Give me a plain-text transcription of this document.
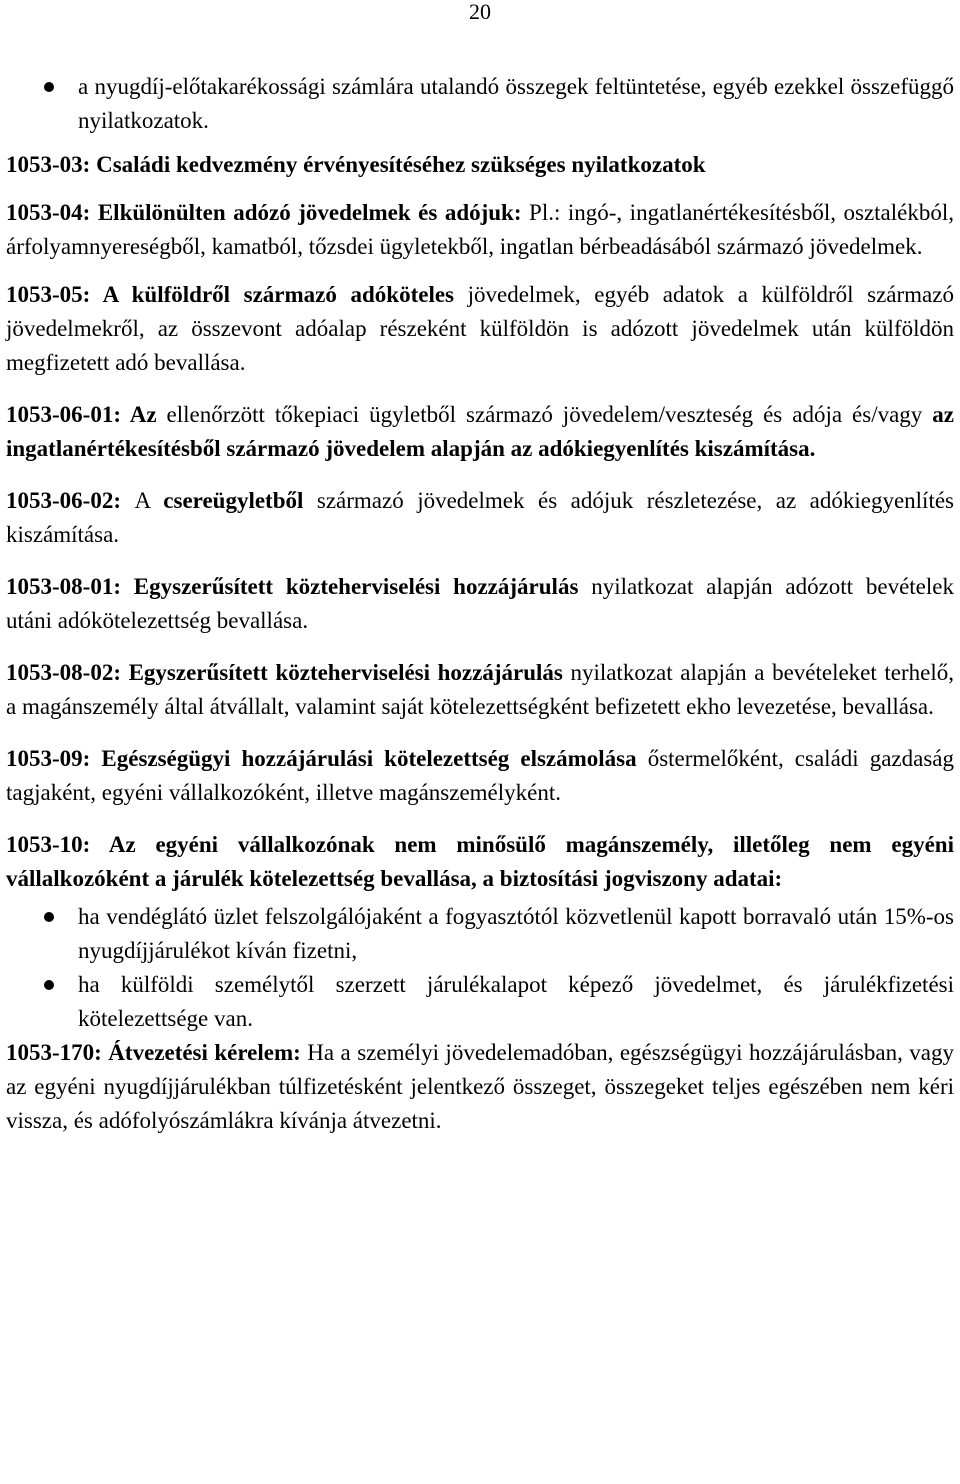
20
a nyugdíj-előtakarékossági számlára utalandó összegek feltüntetése, egyéb ezekkel összefüggő nyilatkozatok.

1053-03: Családi kedvezmény érvényesítéséhez szükséges nyilatkozatok

1053-04: Elkülönülten adózó jövedelmek és adójuk: Pl.: ingó-, ingatlanértékesítésből, osztalékból, árfolyamnyereségből, kamatból, tőzsdei ügyletekből, ingatlan bérbeadásából származó jövedelmek.

1053-05: A külföldről származó adóköteles jövedelmek, egyéb adatok a külföldről származó jövedelmekről, az összevont adóalap részeként külföldön is adózott jövedelmek után külföldön megfizetett adó bevallása.

1053-06-01: Az ellenőrzött tőkepiaci ügyletből származó jövedelem/veszteség és adója és/vagy az ingatlanértékesítésből származó jövedelem alapján az adókiegyenlítés kiszámítása.

1053-06-02: A csereügyletből származó jövedelmek és adójuk részletezése, az adókiegyenlítés kiszámítása.

1053-08-01: Egyszerűsített közteherviselési hozzájárulás nyilatkozat alapján adózott bevételek utáni adókötelezettség bevallása.

1053-08-02: Egyszerűsített közteherviselési hozzájárulás nyilatkozat alapján a bevételeket terhelő, a magánszemély által átvállalt, valamint saját kötelezettségként befizetett ekho levezetése, bevallása.

1053-09: Egészségügyi hozzájárulási kötelezettség elszámolása őstermelőként, családi gazdaság tagjaként, egyéni vállalkozóként, illetve magánszemélyként.

1053-10: Az egyéni vállalkozónak nem minősülő magánszemély, illetőleg nem egyéni vállalkozóként a járulék kötelezettség bevallása, a biztosítási jogviszony adatai:

ha vendéglátó üzlet felszolgálójaként a fogyasztótól közvetlenül kapott borravaló után 15%-os nyugdíjjárulékot kíván fizetni,
ha külföldi személytől szerzett járulékalapot képező jövedelmet, és járulékfizetési kötelezettsége van.

1053-170: Átvezetési kérelem: Ha a személyi jövedelemadóban, egészségügyi hozzájárulásban, vagy az egyéni nyugdíjjárulékban túlfizetésként jelentkező összeget, összegeket teljes egészében nem kéri vissza, és adófolyószámlákra kívánja átvezetni.
